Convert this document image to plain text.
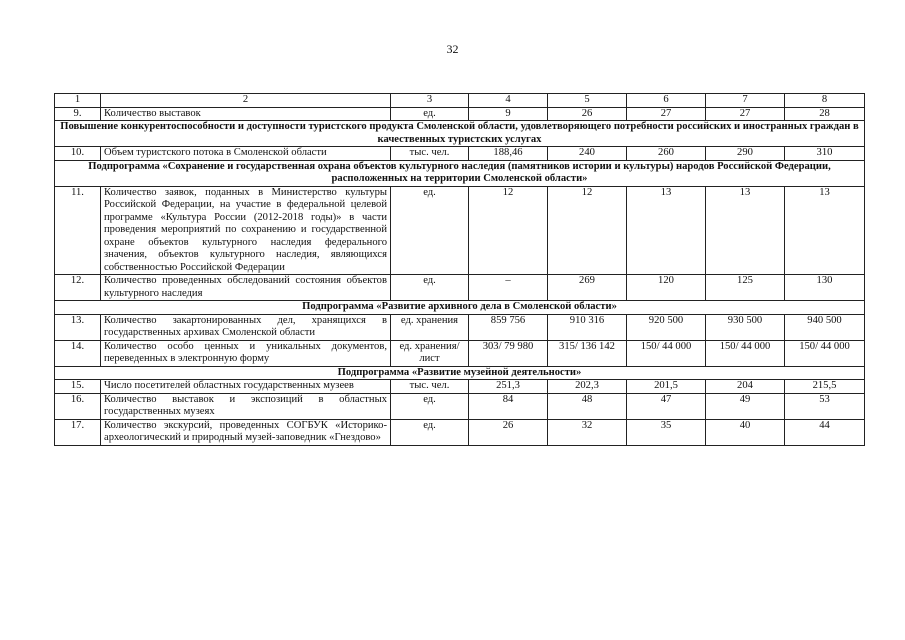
32
1	2	3	4	5	6	7	8
9.	Количество выставок	ед.	9	26	27	27	28
Повышение конкурентоспособности и доступности туристского продукта Смоленской области, удовлетворяющего потребности российских и иностранных граждан в качественных туристских услугах							
10.	Объем туристского потока в Смоленской области	тыс. чел.	188,46	240	260	290	310
Подпрограмма «Сохранение и государственная охрана объектов культурного наследия (памятников истории и культуры) народов Российской Федерации, расположенных на территории Смоленской области»							
11.	Количество заявок, поданных в Министерство культуры Российской Федерации, на участие в федеральной целевой программе «Культура России (2012-2018 годы)» в части проведения мероприятий по сохранению и государственной охране объектов культурного наследия федерального значения, объектов культурного наследия, являющихся собственностью Российской Федерации	ед.	12	12	13	13	13
12.	Количество проведенных обследований состояния объектов культурного наследия	ед.	–	269	120	125	130
Подпрограмма «Развитие архивного дела в Смоленской области»							
13.	Количество закартонированных дел, хранящихся в государственных архивах Смоленской области	ед. хранения	859 756	910 316	920 500	930 500	940 500
14.	Количество особо ценных и уникальных документов, переведенных в электронную форму	ед. хранения/ лист	303/ 79 980	315/ 136 142	150/ 44 000	150/ 44 000	150/ 44 000
Подпрограмма «Развитие музейной деятельности»							
15.	Число посетителей областных государственных музеев	тыс. чел.	251,3	202,3	201,5	204	215,5
16.	Количество выставок и экспозиций в областных государственных музеях	ед.	84	48	47	49	53
17.	Количество экскурсий, проведенных СОГБУК «Историко-археологический и природный музей-заповедник «Гнездово»	ед.	26	32	35	40	44
